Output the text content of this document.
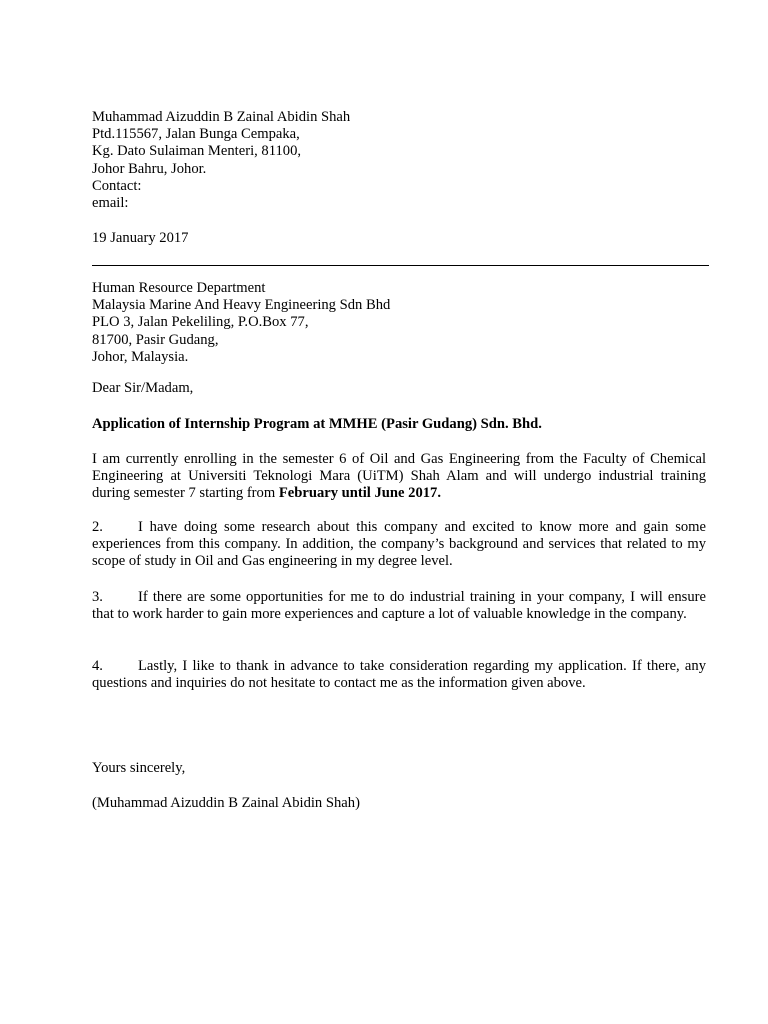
Muhammad Aizuddin B Zainal Abidin Shah
Ptd.115567, Jalan Bunga Cempaka,
Kg. Dato Sulaiman Menteri, 81100,
Johor Bahru, Johor.
Contact:
email:
19 January 2017
Human Resource Department
Malaysia Marine And Heavy Engineering Sdn Bhd
PLO 3, Jalan Pekeliling, P.O.Box 77,
81700, Pasir Gudang,
Johor, Malaysia.
Dear Sir/Madam,
Application of Internship Program at MMHE (Pasir Gudang) Sdn. Bhd.
I am currently enrolling in the semester 6 of Oil and Gas Engineering from the Faculty of Chemical Engineering at Universiti Teknologi Mara (UiTM) Shah Alam and will undergo industrial training during semester 7 starting from February until June 2017.
2. I have doing some research about this company and excited to know more and gain some experiences from this company. In addition, the company’s background and services that related to my scope of study in Oil and Gas engineering in my degree level.
3. If there are some opportunities for me to do industrial training in your company, I will ensure that to work harder to gain more experiences and capture a lot of valuable knowledge in the company.
4. Lastly, I like to thank in advance to take consideration regarding my application. If there, any questions and inquiries do not hesitate to contact me as the information given above.
Yours sincerely,
(Muhammad Aizuddin B Zainal Abidin Shah)
